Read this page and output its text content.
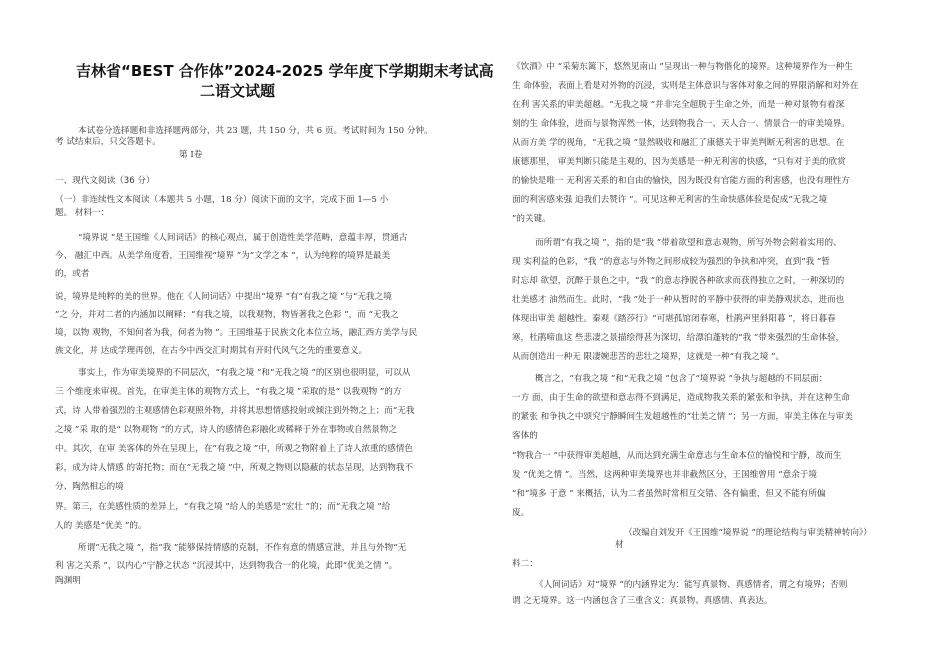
吉林省“BEST 合作体”2024-2025 学年度下学期期末考试高
二语文试题
本试卷分选择题和非选择题两部分，共 23 题，共 150 分，共 6 页。考试时间为 150 分钟。
考 试结束后，只交答题卡。
第 Ⅰ卷
一、现代文阅读（36 分）
（一）非连续性文本阅读（本题共 5 小题，18 分）阅读下面的文字，完成下面 1—5 小
题。 材料一：
“境界说 ”是王国维《人间词话》的核心观点，属于创造性美学范畴，意蕴丰厚，贯通古
今、 融汇中西。从美学角度看，王国维视“境界 ”为“文学之本 ”，认为纯粹的境界是最美
的，或者
说，境界是纯粹的美的世界。他在《人间词话》中提出“境界 ”有“有我之境 ”与“无我之境
”之 分，并对二者的内涵加以阐释：“有我之境，以我观物，物皆著我之色彩 ”，而 “无我之
境，以物 观物，不知何者为我，何者为物 ”。王国维基于民族文化本位立场，融汇西方美学与民
族文化，并 达成学理再创，在古今中西交汇时期其有开时代风气之先的重要意义。
事实上，作为审美境界的不同层次，“有我之境 ”和“无我之境 ”的区别也很明显，可以从
三 个维度来审视。首先，在审美主体的观物方式上，“有我之境 ”采取的是“ 以我观物 ”的方
式，诗 人带着强烈的主观感情色彩观照外物，并将其思想情感投射或倾注到外物之上；而“无我
之境 ”采 取的是“ 以物观物 ”的方式，诗人的感情色彩融化或稀释于外在事物或自然景物之
中。其次，在审 美客体的外在呈现上，在“有我之境 ”中，所观之物附着上了诗人浓重的感情色
彩，成为诗人情感 的寄托物；而在“无我之境 ”中，所观之物则以隐蔽的状态呈现，达到物我不
分、陶然相忘的境
界。第三，在美感性质的差异上，“有我之境 ”给人的美感是“宏壮 ”的；而“无我之境 ”给
人的 美感是“优美 ”的。
所谓“无我之境 ”，指“我 ”能够保持情感的克制，不作有意的情感宣泄，并且与外物“无
利 害之关系 ”，以内心“宁静之状态 ”沉浸其中，达到物我合一的化境，此即“优美之情 ”。
陶渊明
《饮酒》中 “采菊东篱下，悠然见南山 ”呈现出一种与物偕化的境界。这种境界作为一种生
生 命体验，表面上看是对外物的沉浸，实则是主体意识与客体对象之间的界限消解和对外在
在利 害关系的审美超越。“无我之境 ”并非完全超脱于生命之外，而是一种对景物有着深
刻的生 命体验，进而与景物浑然一体，达到物我合一、天人合一、情景合一的审美境界。
从而方美 学的视角，“无我之境 ”显然吸收和融汇了康德关于审美判断无利害的思想。在
康德那里， 审美判断只能是主观的，因为美感是一种无利害的快感，“只有对于美的欣赏
的愉快是唯一 无利害关系的和自由的愉快，因为既没有官能方面的利害感，也没有理性方
面的利害感来强 迫我们去赞许 ”。可见这种无利害的生命快感体验是促成“无我之境
”的关键。
而所谓“有我之境 ”，指的是“我 ”带着欲望和意志观物，所写外物会附着实用的、
现 实利益的色彩，“我 ”的意志与外物之间形成较为强烈的争执和冲突，直到“我 ”暂
时忘却 欲望，沉醉于景色之中，“我 ”的意志挣脱各种欲求而获得独立之时，一种深切的
壮美感才 油然而生。此时，“我 ”处于一种从暂时的平静中获得的审美静观状态，进而也
体现出审美 超越性。秦观《踏莎行》“可堪孤馆闭春寒，杜鹃声里斜阳暮 ”，将日暮春
寒，杜鹃啼血这 些悲凄之景描绘得甚为深切，给漂泊蓬转的“我 ”带来强烈的生命体验，
从而创造出一种无 限凄婉悲苦的悲壮之境界，这就是一种“有我之境 ”。
概言之，“有我之境 ”和“无我之境 ”包含了“境界说 ”争执与超越的不同层面：
一方 面，由于生命的欲望和意志得不到满足，造成物我关系的紧张和争执，并在这种生命
的紧张 和争执之中颂究宁静瞬间生发超越性的“壮美之情 ”；另一方面，审美主体在与审美
客体的
“物我合一 ”中获得审美超越，从而达到充满生命意志与生命本位的愉悦和宁静，故而生
发 “优美之情 ”。当然，这两种审美境界也并非截然区分，王国维曾用 “意余于境
”和“境多 于意 ” 来概括，认为二者虽然时常相互交错、各有偏重，但又不能有所偏
废。
（改编自刘发开《王国维“境界说 ”的理论结构与审美精神转向》）
材
料二：
《人间词话》对“境界 ”的内涵界定为：能写真景物、真感情者，谓之有境界；否则
谓 之无境界。这一内涵包含了三重含义：真景物、真感情、真表达。
